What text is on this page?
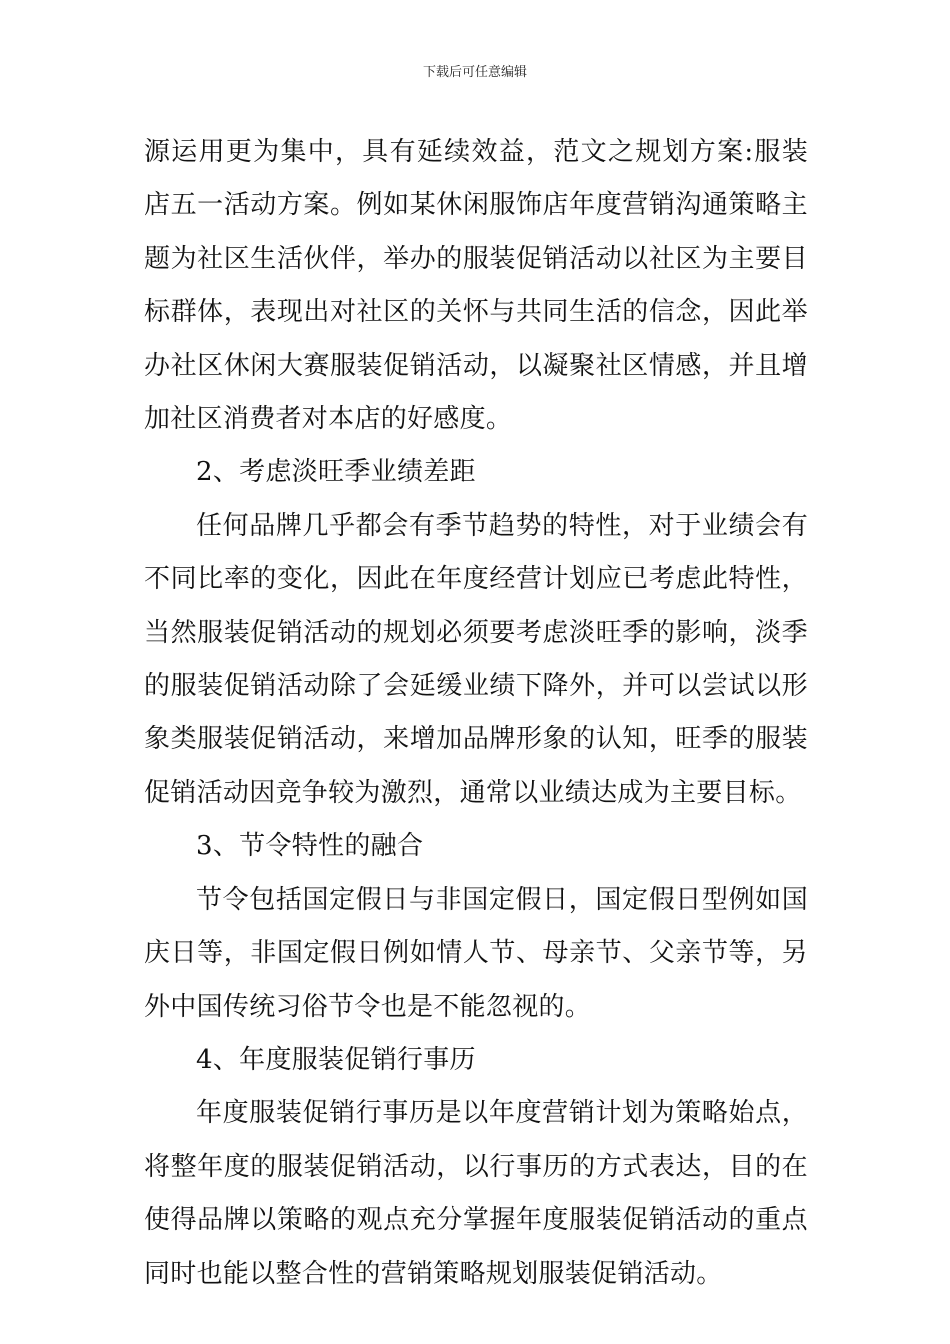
下载后可任意编辑

源运用更为集中，具有延续效益，范文之规划方案:服装店五一活动方案。例如某休闲服饰店年度营销沟通策略主题为社区生活伙伴，举办的服装促销活动以社区为主要目标群体，表现出对社区的关怀与共同生活的信念，因此举办社区休闲大赛服装促销活动，以凝聚社区情感，并且增加社区消费者对本店的好感度。

2、考虑淡旺季业绩差距

任何品牌几乎都会有季节趋势的特性，对于业绩会有不同比率的变化，因此在年度经营计划应已考虑此特性，当然服装促销活动的规划必须要考虑淡旺季的影响，淡季的服装促销活动除了会延缓业绩下降外，并可以尝试以形象类服装促销活动，来增加品牌形象的认知，旺季的服装促销活动因竞争较为激烈，通常以业绩达成为主要目标。

3、节令特性的融合

节令包括国定假日与非国定假日，国定假日型例如国庆日等，非国定假日例如情人节、母亲节、父亲节等，另外中国传统习俗节令也是不能忽视的。

4、年度服装促销行事历

年度服装促销行事历是以年度营销计划为策略始点，将整年度的服装促销活动，以行事历的方式表达，目的在使得品牌以策略的观点充分掌握年度服装促销活动的重点同时也能以整合性的营销策略规划服装促销活动。
